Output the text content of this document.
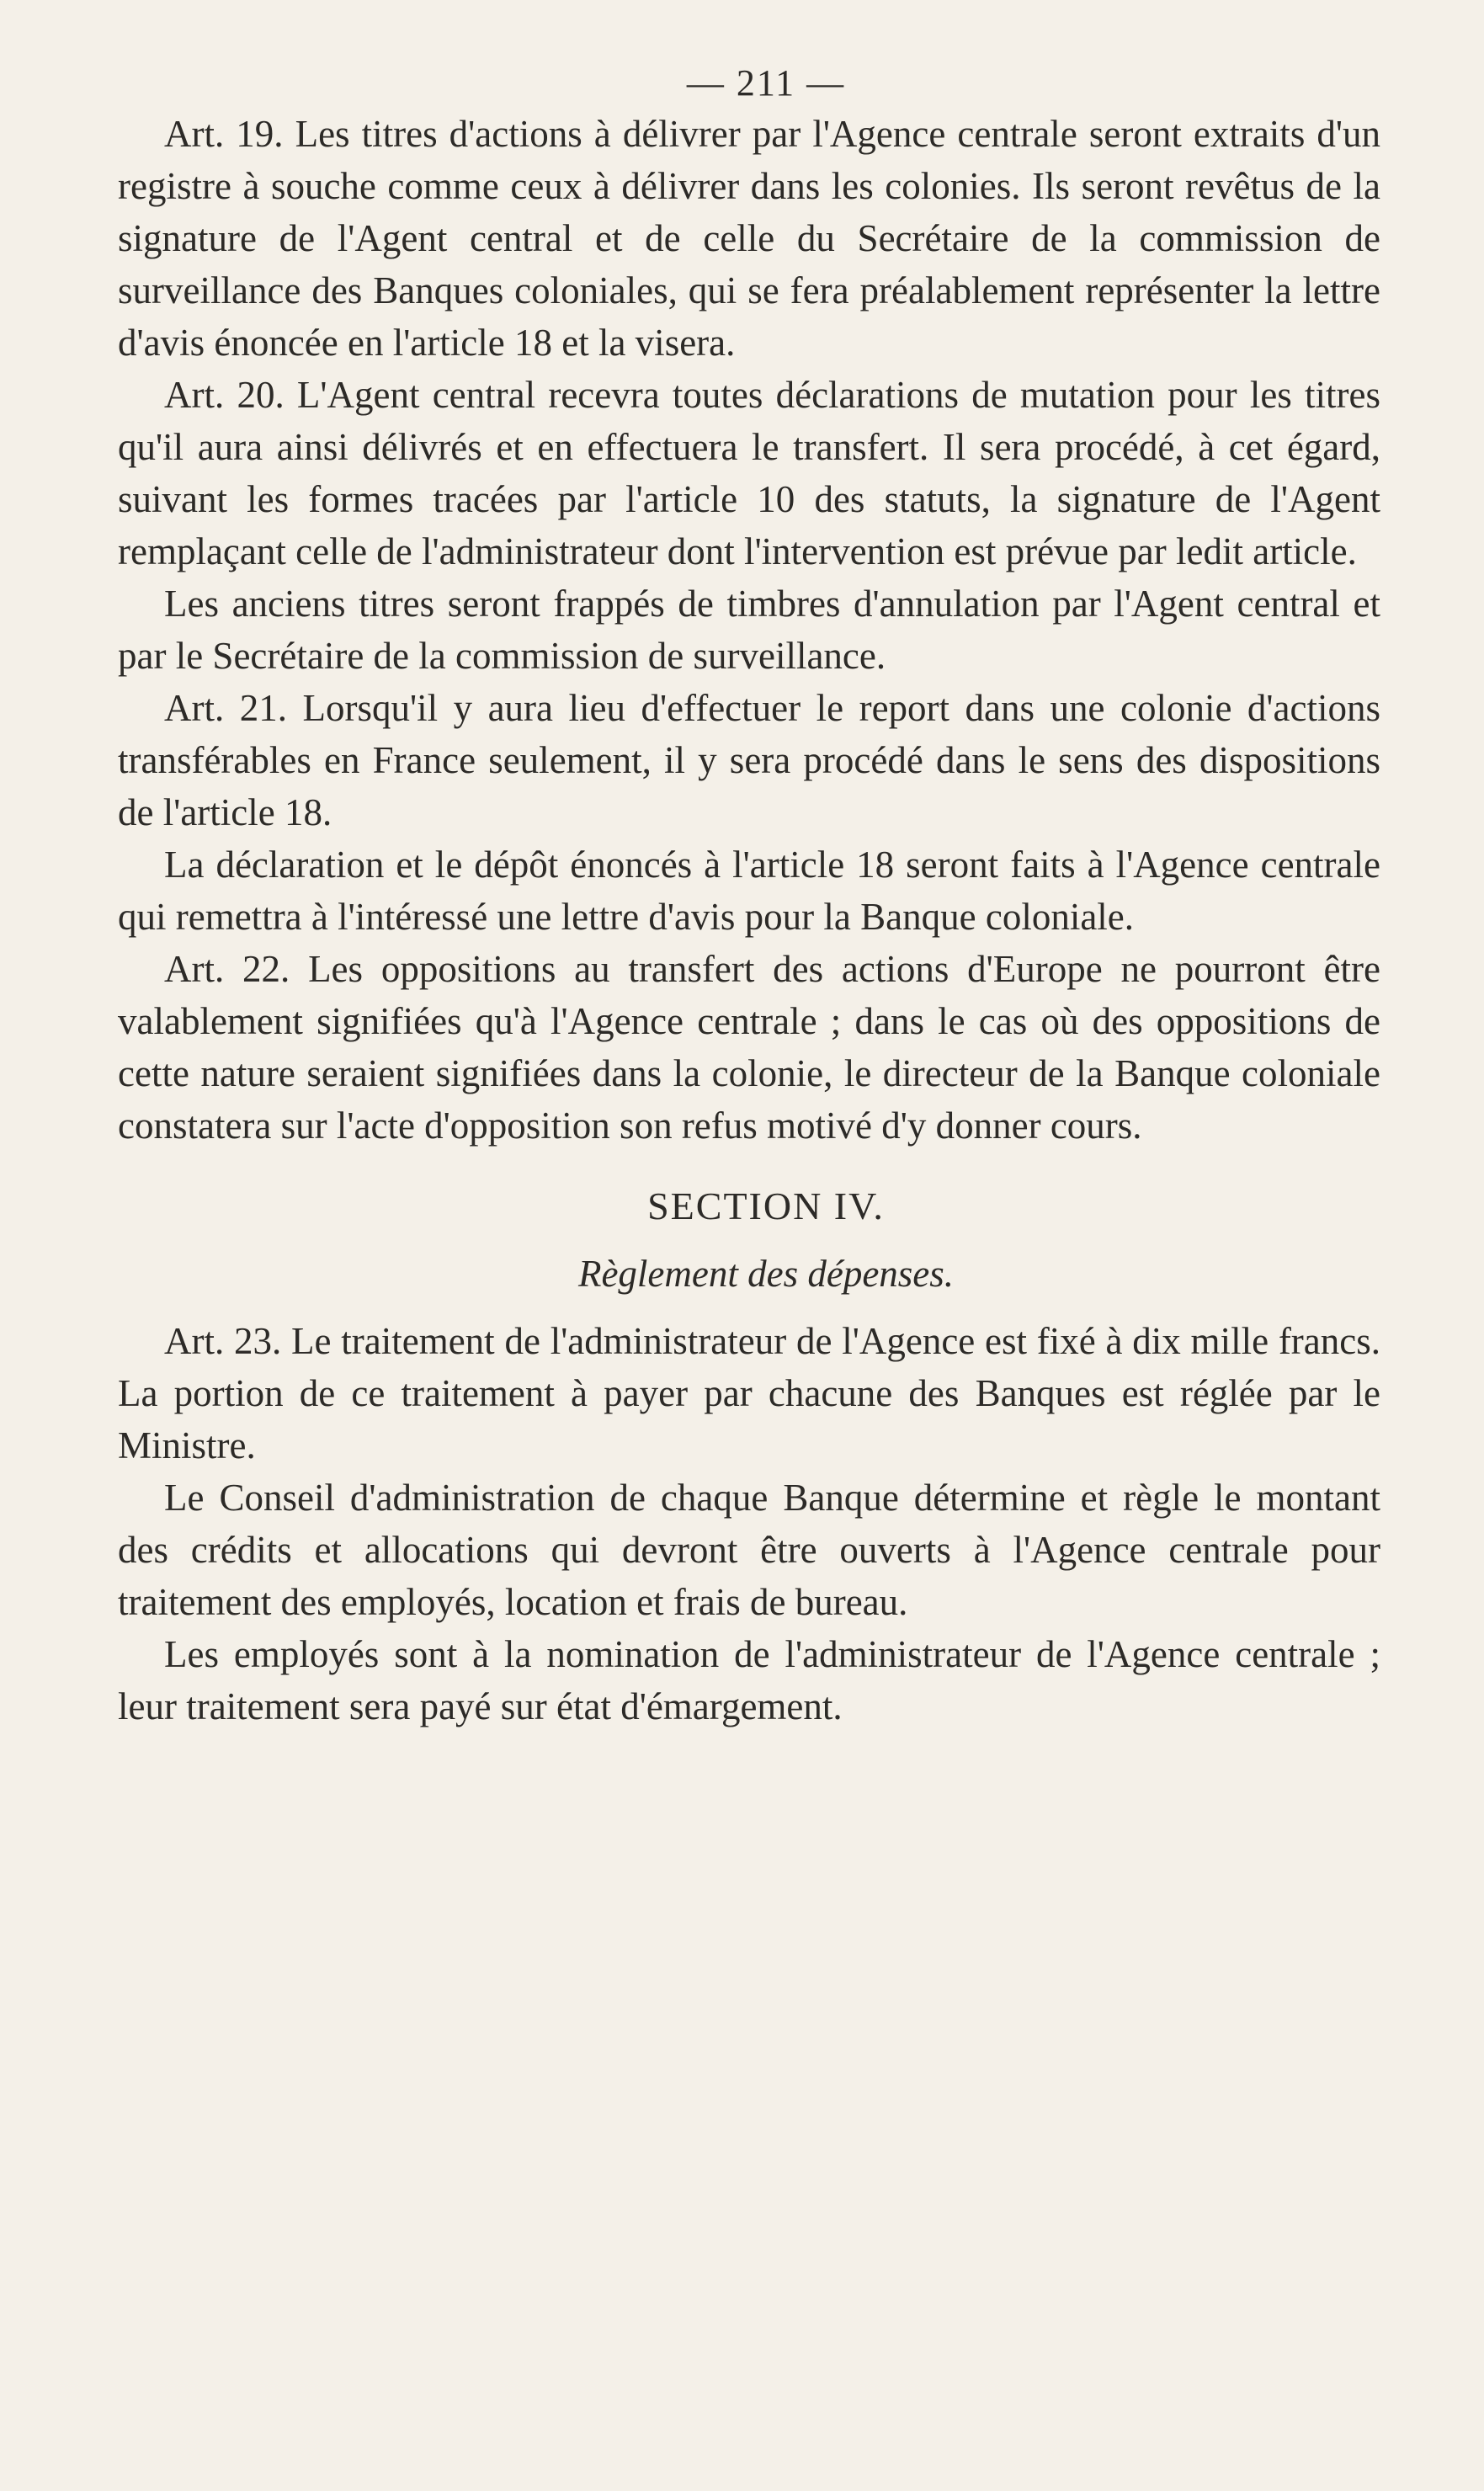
— 211 —

Art. 19. Les titres d'actions à délivrer par l'Agence centrale seront extraits d'un registre à souche comme ceux à délivrer dans les colonies. Ils seront revêtus de la signature de l'Agent central et de celle du Secrétaire de la commission de surveillance des Banques coloniales, qui se fera préalablement représenter la lettre d'avis énoncée en l'article 18 et la visera.

Art. 20. L'Agent central recevra toutes déclarations de mutation pour les titres qu'il aura ainsi délivrés et en effectuera le transfert. Il sera procédé, à cet égard, suivant les formes tracées par l'article 10 des statuts, la signature de l'Agent remplaçant celle de l'administrateur dont l'intervention est prévue par ledit article.

Les anciens titres seront frappés de timbres d'annulation par l'Agent central et par le Secrétaire de la commission de surveillance.

Art. 21. Lorsqu'il y aura lieu d'effectuer le report dans une colonie d'actions transférables en France seulement, il y sera procédé dans le sens des dispositions de l'article 18.

La déclaration et le dépôt énoncés à l'article 18 seront faits à l'Agence centrale qui remettra à l'intéressé une lettre d'avis pour la Banque coloniale.

Art. 22. Les oppositions au transfert des actions d'Europe ne pourront être valablement signifiées qu'à l'Agence centrale ; dans le cas où des oppositions de cette nature seraient signifiées dans la colonie, le directeur de la Banque coloniale constatera sur l'acte d'opposition son refus motivé d'y donner cours.

SECTION IV.
Règlement des dépenses.

Art. 23. Le traitement de l'administrateur de l'Agence est fixé à dix mille francs. La portion de ce traitement à payer par chacune des Banques est réglée par le Ministre.

Le Conseil d'administration de chaque Banque détermine et règle le montant des crédits et allocations qui devront être ouverts à l'Agence centrale pour traitement des employés, location et frais de bureau.

Les employés sont à la nomination de l'administrateur de l'Agence centrale ; leur traitement sera payé sur état d'émargement.
